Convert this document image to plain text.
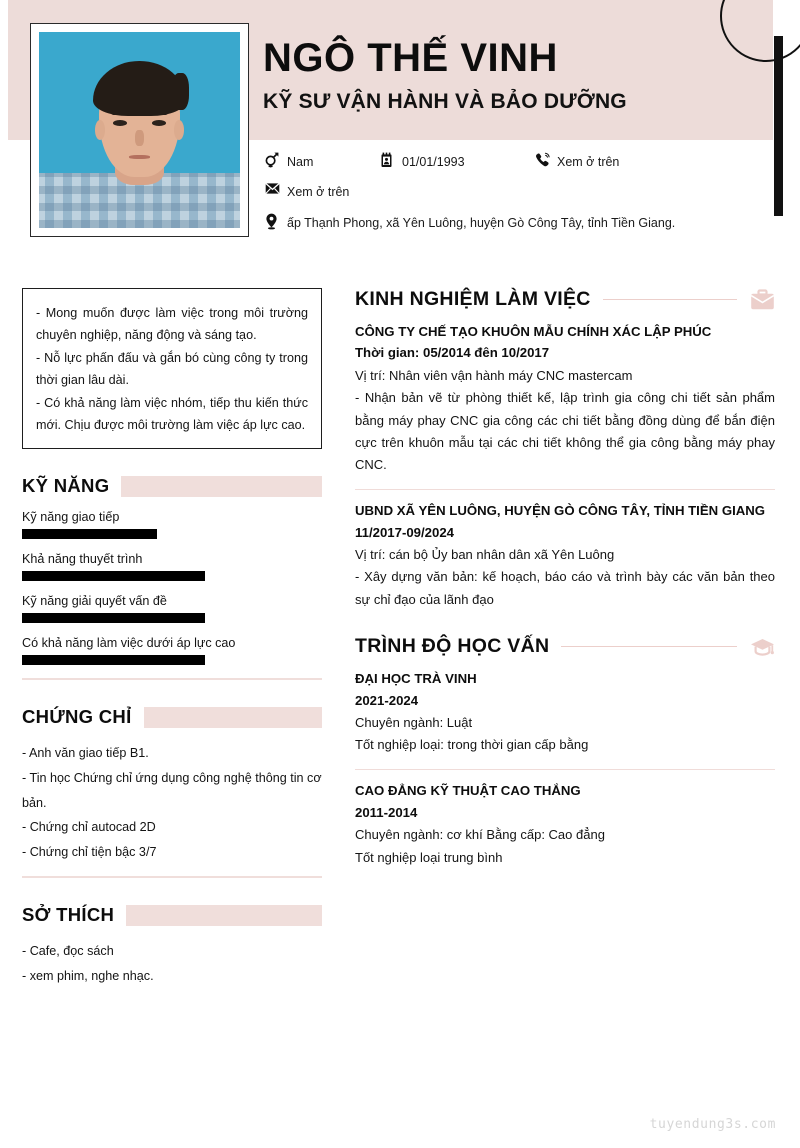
NGÔ THẾ VINH
KỸ SƯ VẬN HÀNH VÀ BẢO DƯỠNG
Nam	01/01/1993	Xem ở trên
Xem ở trên
ấp Thạnh Phong, xã Yên Luông, huyện Gò Công Tây, tỉnh Tiền Giang.
- Mong muốn được làm việc trong môi trường chuyên nghiệp, năng động và sáng tạo.
- Nỗ lực phấn đấu và gắn bó cùng công ty trong thời gian lâu dài.
- Có khả năng làm việc nhóm, tiếp thu kiến thức mới. Chịu được môi trường làm việc áp lực cao.
KỸ NĂNG
Kỹ năng giao tiếp
Khả năng thuyết trình
Kỹ năng giải quyết vấn đề
Có khả năng làm việc dưới áp lực cao
CHỨNG CHỈ
- Anh văn giao tiếp B1.
- Tin học Chứng chỉ ứng dụng công nghệ thông tin cơ bản.
- Chứng chỉ autocad 2D
- Chứng chỉ tiện bậc 3/7
SỞ THÍCH
- Cafe, đọc sách
- xem phim, nghe nhạc.
KINH NGHIỆM LÀM VIỆC
CÔNG TY CHẾ TẠO KHUÔN MẪU CHÍNH XÁC LẬP PHÚC
Thời gian: 05/2014 đên 10/2017
Vị trí: Nhân viên vận hành máy CNC mastercam
- Nhận bản vẽ từ phòng thiết kế, lập trình gia công chi tiết sản phẩm bằng máy phay CNC gia công các chi tiết bằng đồng dùng để bắn điện cực trên khuôn mẫu tại các chi tiết không thể gia công bằng máy phay CNC.
UBND XÃ YÊN LUÔNG, HUYỆN GÒ CÔNG TÂY, TỈNH TIỀN GIANG
11/2017-09/2024
Vị trí: cán bộ Ủy ban nhân dân xã Yên Luông
- Xây dựng văn bản: kế hoạch, báo cáo và trình bày các văn bản theo sự chỉ đạo của lãnh đạo
TRÌNH ĐỘ HỌC VẤN
ĐẠI HỌC TRÀ VINH
2021-2024
Chuyên ngành: Luật
Tốt nghiệp loại: trong thời gian cấp bằng
CAO ĐẲNG KỸ THUẬT CAO THẮNG
2011-2014
Chuyên ngành: cơ khí Bằng cấp: Cao đẳng
Tốt nghiệp loại trung bình
tuyendung3s.com
